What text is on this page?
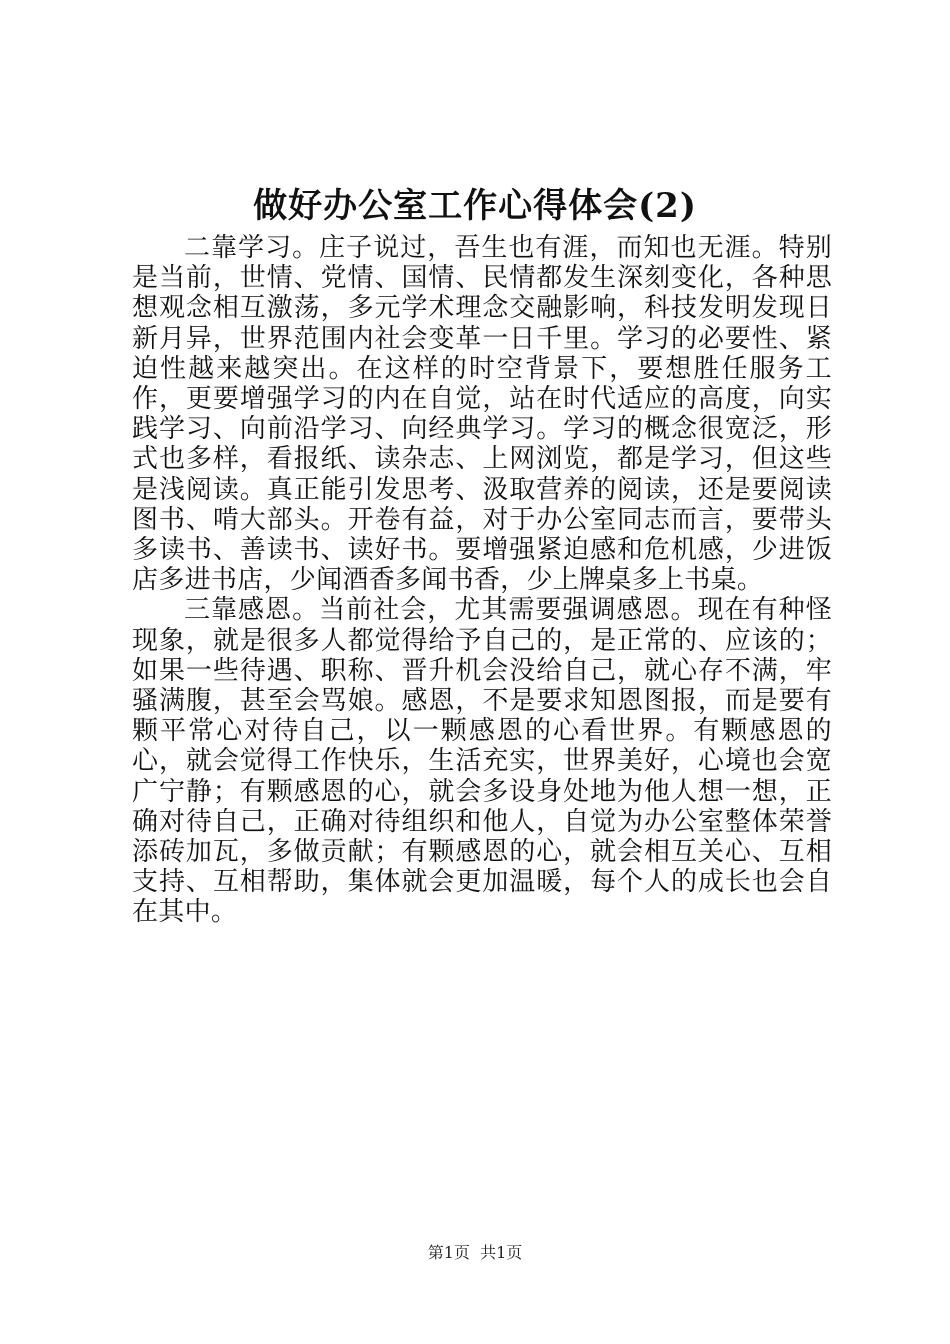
做好办公室工作心得体会(2)

二靠学习。庄子说过，吾生也有涯，而知也无涯。特别是当前，世情、党情、国情、民情都发生深刻变化，各种思想观念相互激荡，多元学术理念交融影响，科技发明发现日新月异，世界范围内社会变革一日千里。学习的必要性、紧迫性越来越突出。在这样的时空背景下，要想胜任服务工作，更要增强学习的内在自觉，站在时代适应的高度，向实践学习、向前沿学习、向经典学习。学习的概念很宽泛，形式也多样，看报纸、读杂志、上网浏览，都是学习，但这些是浅阅读。真正能引发思考、汲取营养的阅读，还是要阅读图书、啃大部头。开卷有益，对于办公室同志而言，要带头多读书、善读书、读好书。要增强紧迫感和危机感，少进饭店多进书店，少闻酒香多闻书香，少上牌桌多上书桌。

三靠感恩。当前社会，尤其需要强调感恩。现在有种怪现象，就是很多人都觉得给予自己的，是正常的、应该的；如果一些待遇、职称、晋升机会没给自己，就心存不满，牢骚满腹，甚至会骂娘。感恩，不是要求知恩图报，而是要有颗平常心对待自己，以一颗感恩的心看世界。有颗感恩的心，就会觉得工作快乐，生活充实，世界美好，心境也会宽广宁静；有颗感恩的心，就会多设身处地为他人想一想，正确对待自己，正确对待组织和他人，自觉为办公室整体荣誉添砖加瓦，多做贡献；有颗感恩的心，就会相互关心、互相支持、互相帮助，集体就会更加温暖，每个人的成长也会自在其中。

第1页  共1页
